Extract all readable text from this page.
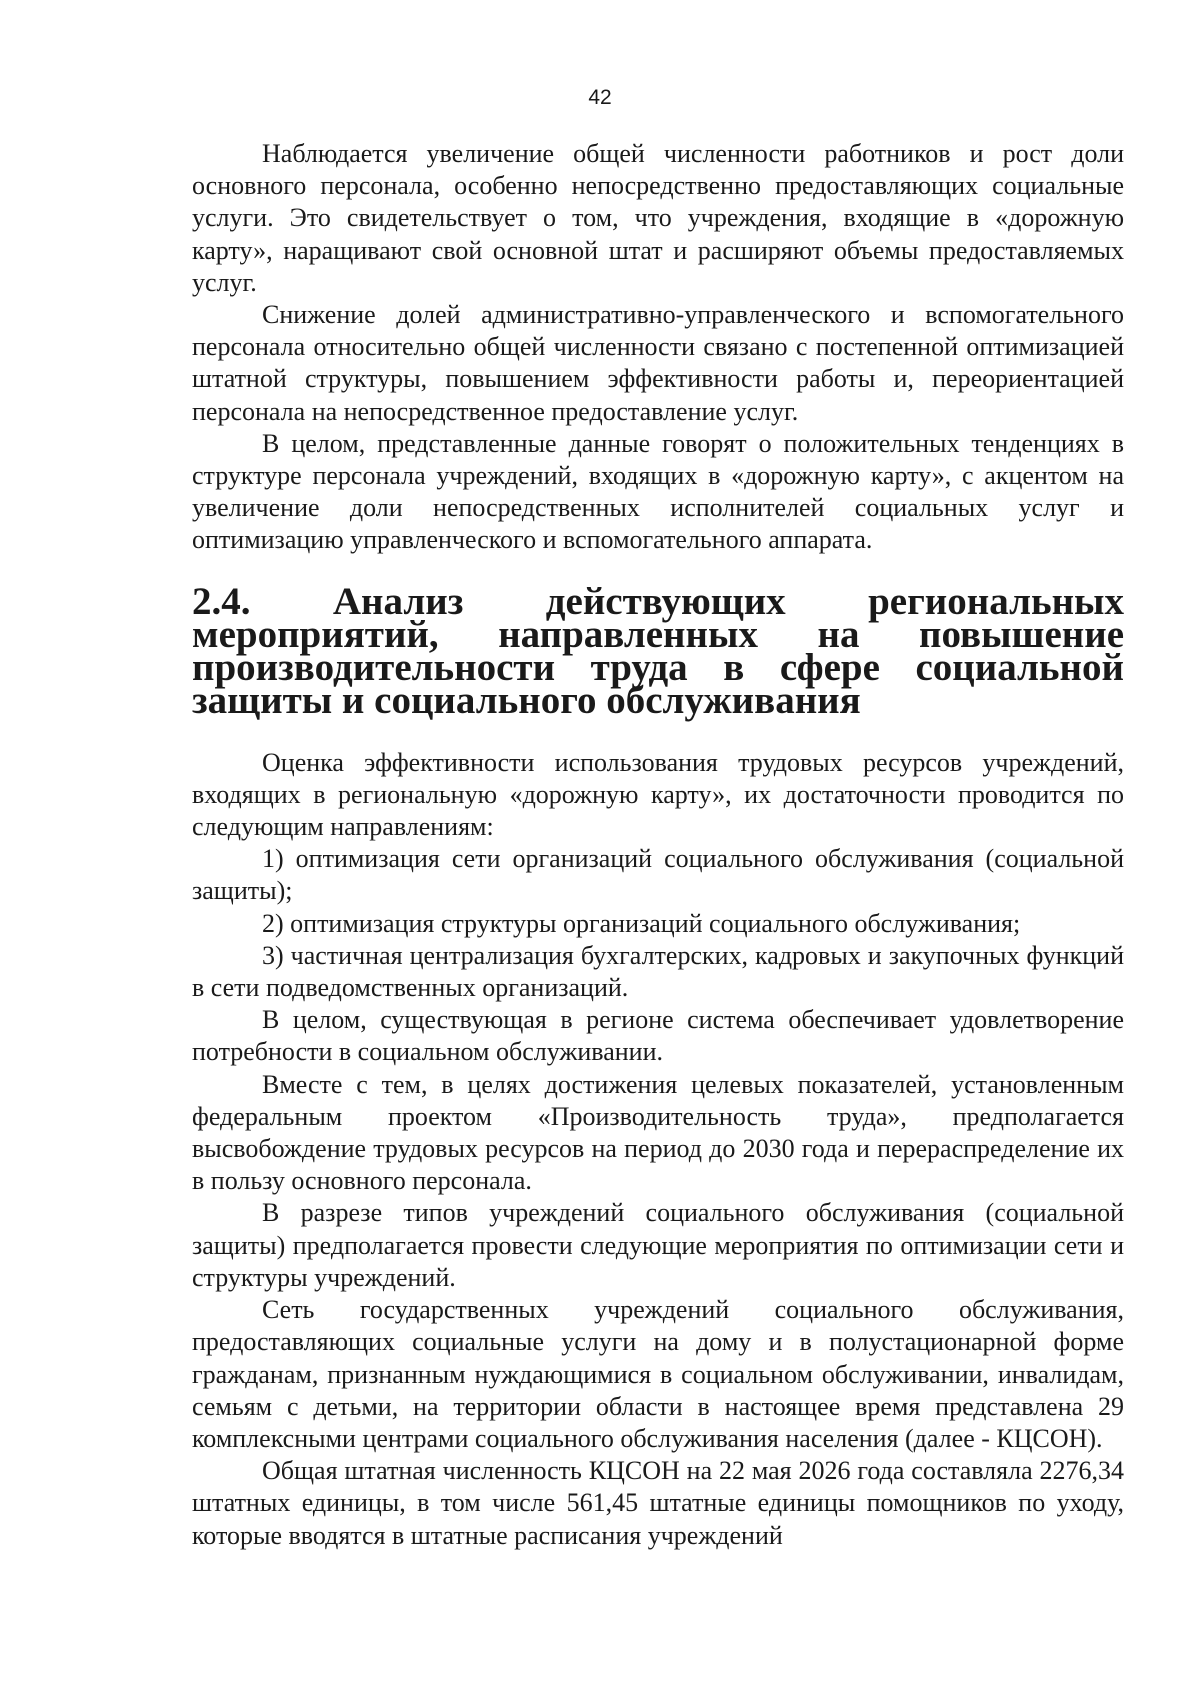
42

Наблюдается увеличение общей численности работников и рост доли основного персонала, особенно непосредственно предоставляющих социальные услуги. Это свидетельствует о том, что учреждения, входящие в «дорожную карту», наращивают свой основной штат и расширяют объемы предоставляемых услуг.

Снижение долей административно-управленческого и вспомогательного персонала относительно общей численности связано с постепенной оптимизацией штатной структуры, повышением эффективности работы и, переориентацией персонала на непосредственное предоставление услуг.

В целом, представленные данные говорят о положительных тенденциях в структуре персонала учреждений, входящих в «дорожную карту», с акцентом на увеличение доли непосредственных исполнителей социальных услуг и оптимизацию управленческого и вспомогательного аппарата.

2.4. Анализ действующих региональных мероприятий, направленных на повышение производительности труда в сфере социальной защиты и социального обслуживания

Оценка эффективности использования трудовых ресурсов учреждений, входящих в региональную «дорожную карту», их достаточности проводится по следующим направлениям:

1) оптимизация сети организаций социального обслуживания (социальной защиты);

2) оптимизация структуры организаций социального обслуживания;

3) частичная централизация бухгалтерских, кадровых и закупочных функций в сети подведомственных организаций.

В целом, существующая в регионе система обеспечивает удовлетворение потребности в социальном обслуживании.

Вместе с тем, в целях достижения целевых показателей, установленным федеральным проектом «Производительность труда», предполагается высвобождение трудовых ресурсов на период до 2030 года и перераспределение их в пользу основного персонала.

В разрезе типов учреждений социального обслуживания (социальной защиты) предполагается провести следующие мероприятия по оптимизации сети и структуры учреждений.

Сеть государственных учреждений социального обслуживания, предоставляющих социальные услуги на дому и в полустационарной форме гражданам, признанным нуждающимися в социальном обслуживании, инвалидам, семьям с детьми, на территории области в настоящее время представлена 29 комплексными центрами социального обслуживания населения (далее - КЦСОН).

Общая штатная численность КЦСОН на 22 мая 2026 года составляла 2276,34 штатных единицы, в том числе 561,45 штатные единицы помощников по уходу, которые вводятся в штатные расписания учреждений
